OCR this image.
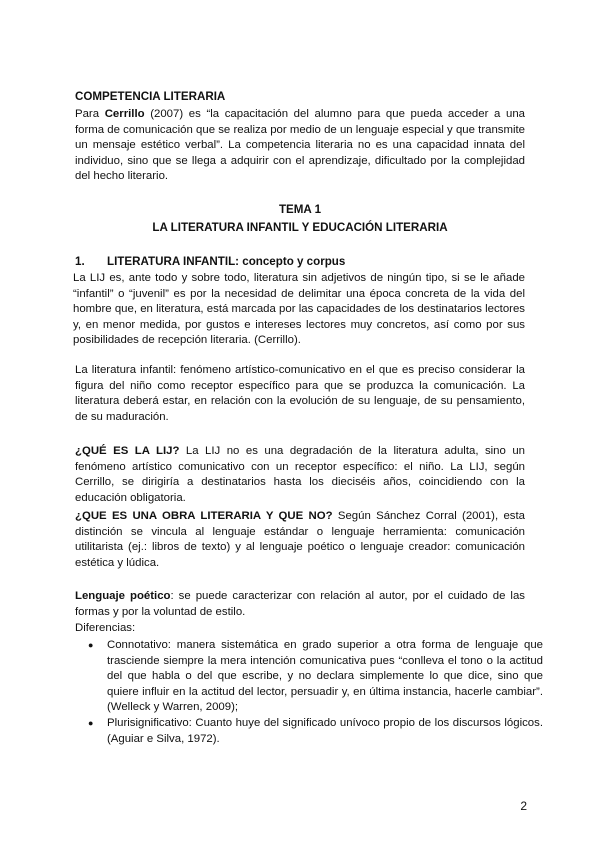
COMPETENCIA LITERARIA
Para Cerrillo (2007) es “la capacitación del alumno para que pueda acceder a una forma de comunicación que se realiza por medio de un lenguaje especial y que transmite un mensaje estético verbal”. La competencia literaria no es una capacidad innata del individuo, sino que se llega a adquirir con el aprendizaje, dificultado por la complejidad del hecho literario.
TEMA 1
LA LITERATURA INFANTIL Y EDUCACIÓN LITERARIA
1. LITERATURA INFANTIL: concepto y corpus
La LIJ es, ante todo y sobre todo, literatura sin adjetivos de ningún tipo, si se le añade “infantil” o “juvenil” es por la necesidad de delimitar una época concreta de la vida del hombre que, en literatura, está marcada por las capacidades de los destinatarios lectores y, en menor medida, por gustos e intereses lectores muy concretos, así como por sus posibilidades de recepción literaria. (Cerrillo).
La literatura infantil: fenómeno artístico-comunicativo en el que es preciso considerar la figura del niño como receptor específico para que se produzca la comunicación. La literatura deberá estar, en relación con la evolución de su lenguaje, de su pensamiento, de su maduración.
¿QUÉ ES LA LIJ? La LIJ no es una degradación de la literatura adulta, sino un fenómeno artístico comunicativo con un receptor específico: el niño. La LIJ, según Cerrillo, se dirigiría a destinatarios hasta los dieciséis años, coincidiendo con la educación obligatoria.
¿QUE ES UNA OBRA LITERARIA Y QUE NO? Según Sánchez Corral (2001), esta distinción se vincula al lenguaje estándar o lenguaje herramienta: comunicación utilitarista (ej.: libros de texto) y al lenguaje poético o lenguaje creador: comunicación estética y lúdica.
Lenguaje poético: se puede caracterizar con relación al autor, por el cuidado de las formas y por la voluntad de estilo.
Diferencias:
● Connotativo: manera sistemática en grado superior a otra forma de lenguaje que trasciende siempre la mera intención comunicativa pues “conlleva el tono o la actitud del que habla o del que escribe, y no declara simplemente lo que dice, sino que quiere influir en la actitud del lector, persuadir y, en última instancia, hacerle cambiar”. (Welleck y Warren, 2009);
● Plurisignificativo: Cuanto huye del significado unívoco propio de los discursos lógicos. (Aguiar e Silva, 1972).
2
